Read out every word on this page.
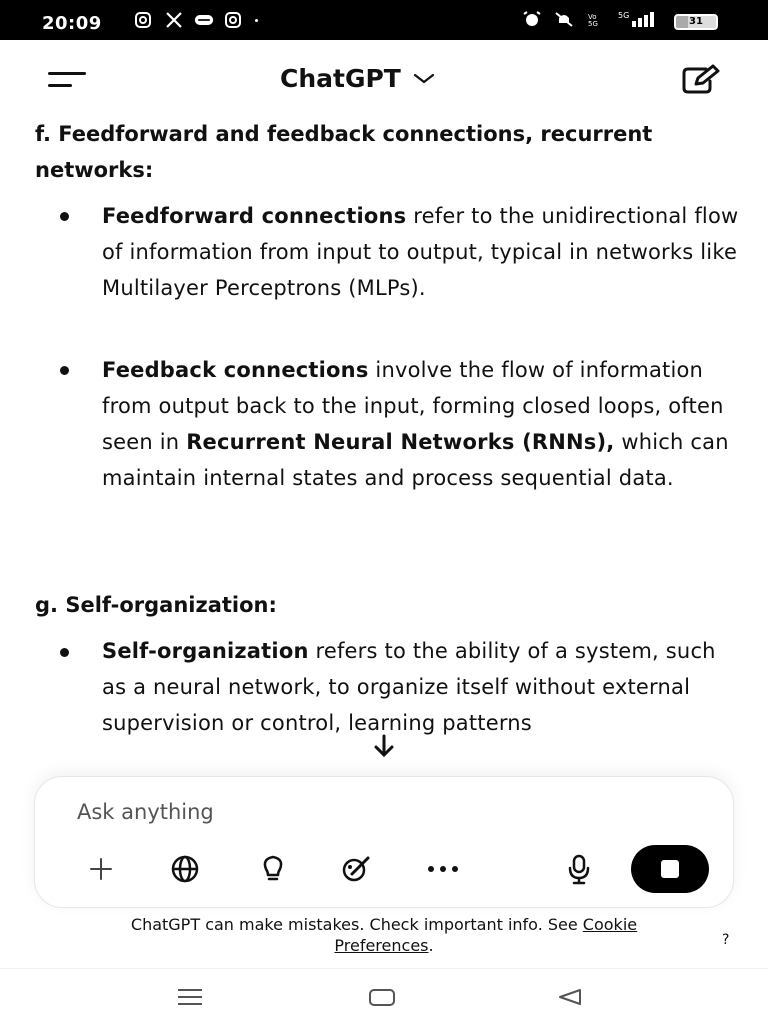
20:09	Vo
5G
5G
31
ChatGPT
f. Feedforward and feedback connections, recurrent networks:
Feedforward connections refer to the unidirectional flow of information from input to output, typical in networks like Multilayer Perceptrons (MLPs).
Feedback connections involve the flow of information from output back to the input, forming closed loops, often seen in Recurrent Neural Networks (RNNs), which can maintain internal states and process sequential data.
g. Self-organization:
Self-organization refers to the ability of a system, such as a neural network, to organize itself without external supervision or control, learning patterns
Ask anything
ChatGPT can make mistakes. Check important info. See Cookie
Preferences.	?
